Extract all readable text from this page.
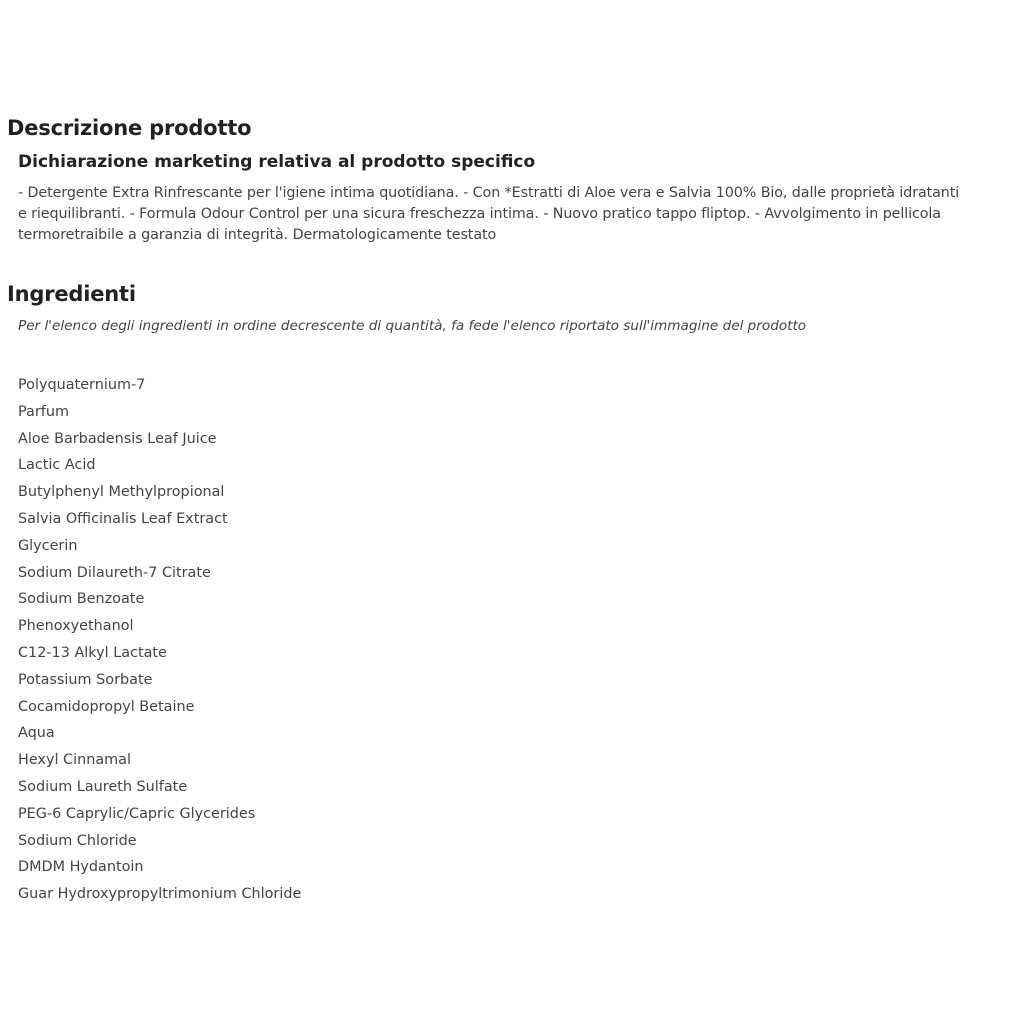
Descrizione prodotto
Dichiarazione marketing relativa al prodotto specifico

- Detergente Extra Rinfrescante per l'igiene intima quotidiana. - Con *Estratti di Aloe vera e Salvia 100% Bio, dalle proprietà idratanti
e riequilibranti. - Formula Odour Control per una sicura freschezza intima. - Nuovo pratico tappo fliptop. - Avvolgimento in pellicola
termoretraibile a garanzia di integrità. Dermatologicamente testato

Ingredienti

Per l'elenco degli ingredienti in ordine decrescente di quantità, fa fede l'elenco riportato sull'immagine del prodotto

Polyquaternium-7
Parfum
Aloe Barbadensis Leaf Juice
Lactic Acid
Butylphenyl Methylpropional
Salvia Officinalis Leaf Extract
Glycerin
Sodium Dilaureth-7 Citrate
Sodium Benzoate
Phenoxyethanol
C12-13 Alkyl Lactate
Potassium Sorbate
Cocamidopropyl Betaine
Aqua
Hexyl Cinnamal
Sodium Laureth Sulfate
PEG-6 Caprylic/Capric Glycerides
Sodium Chloride
DMDM Hydantoin
Guar Hydroxypropyltrimonium Chloride
